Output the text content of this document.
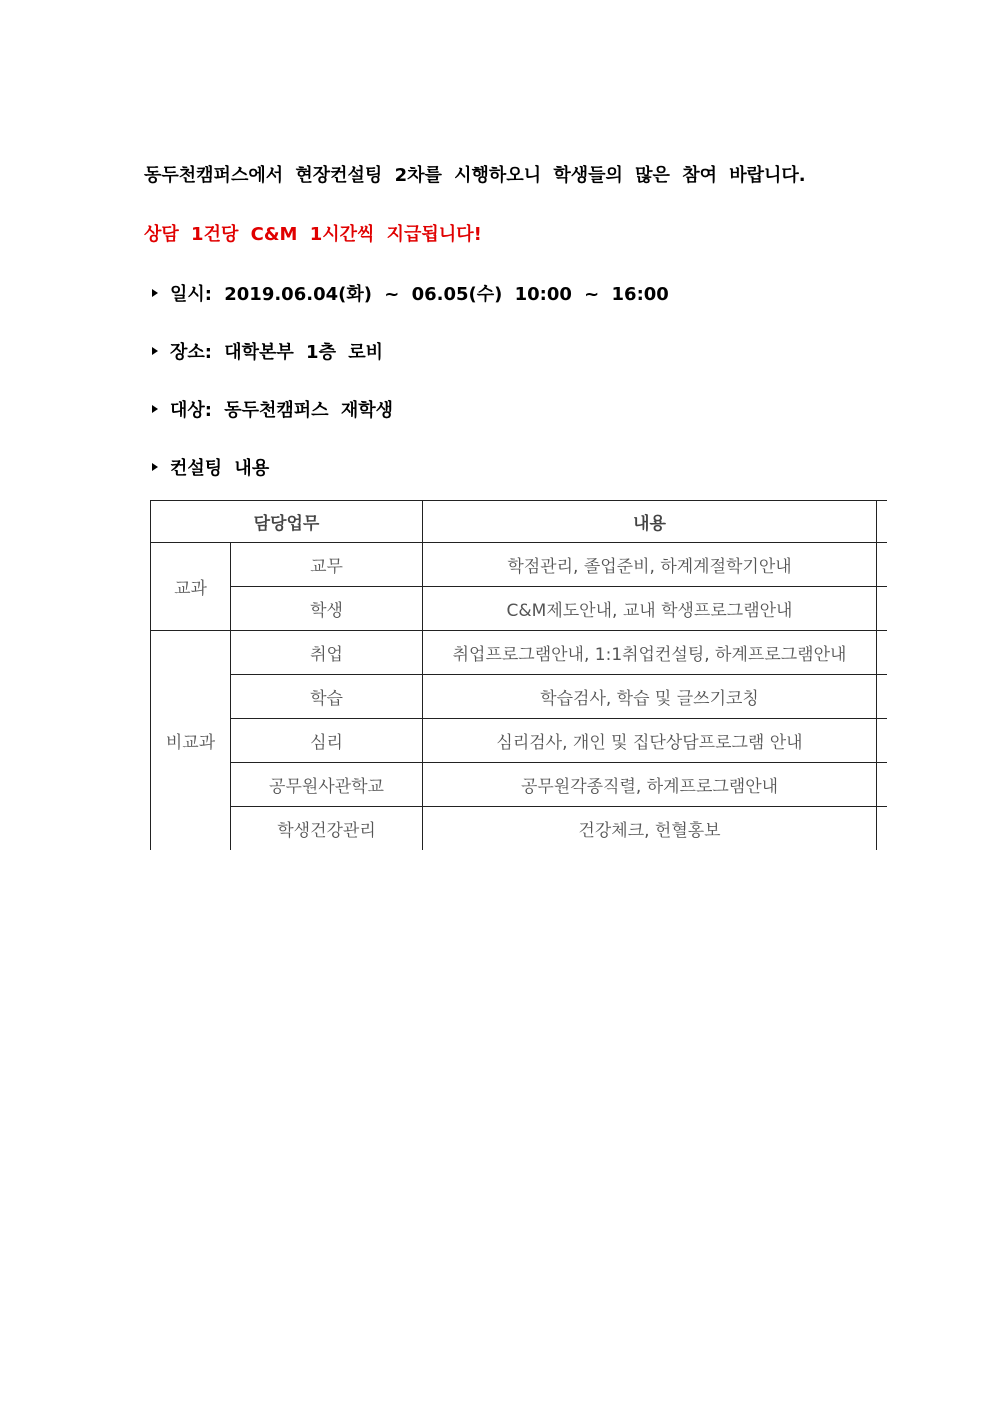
동두천캠퍼스에서 현장컨설팅 2차를 시행하오니 학생들의 많은 참여 바랍니다.
상담 1건당 C&M 1시간씩 지급됩니다!
일시: 2019.06.04(화) ~ 06.05(수) 10:00 ~ 16:00
장소: 대학본부 1층 로비
대상: 동두천캠퍼스 재학생
컨설팅 내용
담당업무		내용	
교과	교무	학점관리, 졸업준비, 하계계절학기안내	
	학생	C&M제도안내, 교내 학생프로그램안내	
비교과	취업	취업프로그램안내, 1:1취업컨설팅, 하계프로그램안내	
	학습	학습검사, 학습 및 글쓰기코칭	
	심리	심리검사, 개인 및 집단상담프로그램 안내	
	공무원사관학교	공무원각종직렬, 하계프로그램안내	
	학생건강관리	건강체크, 헌혈홍보	
